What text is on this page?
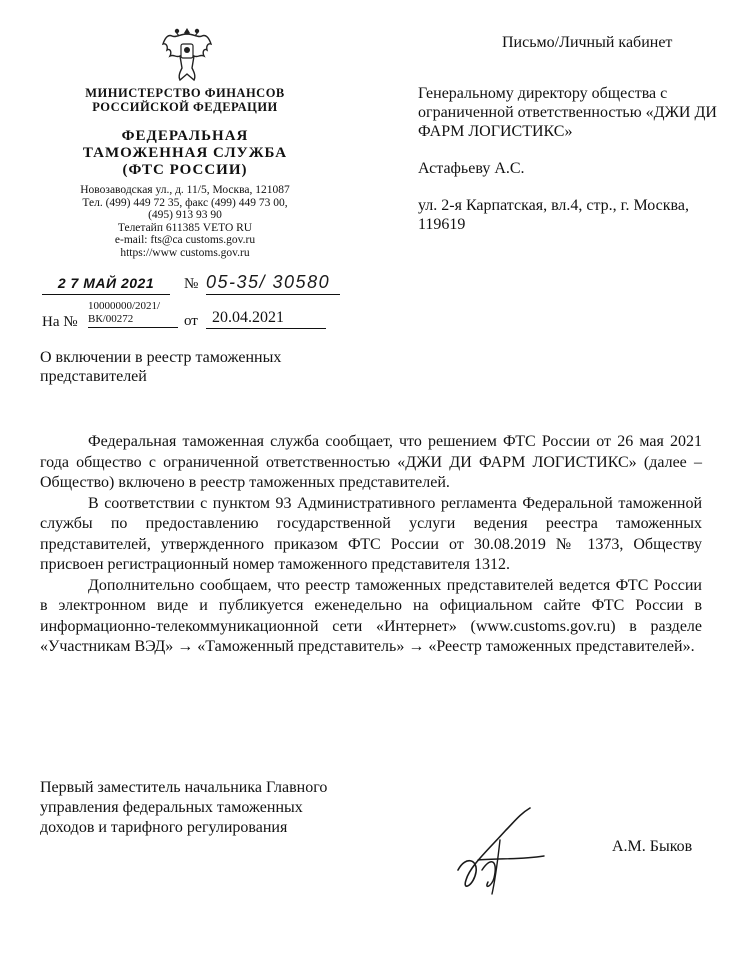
Письмо/Личный кабинет
МИНИСТЕРСТВО ФИНАНСОВ
РОССИЙСКОЙ ФЕДЕРАЦИИ
ФЕДЕРАЛЬНАЯ
ТАМОЖЕННАЯ СЛУЖБА
(ФТС РОССИИ)
Новозаводская ул., д. 11/5, Москва, 121087
Тел. (499) 449 72 35, факс (499) 449 73 00,
(495) 913 93 90
Телетайп 611385 VETO RU
e-mail: fts@ca customs.gov.ru
https://www customs.gov.ru
2 7 МАЙ 2021	№ 05-35/ 30580
На №
10000000/2021/ ВК/00272	от 20.04.2021
Генеральному директору общества с ограниченной ответственностью «ДЖИ ДИ ФАРМ ЛОГИСТИКС»
Астафьеву А.С.
ул. 2-я Карпатская, вл.4, стр., г. Москва, 119619
О включении в реестр таможенных представителей

Федеральная таможенная служба сообщает, что решением ФТС России от 26 мая 2021 года общество с ограниченной ответственностью «ДЖИ ДИ ФАРМ ЛОГИСТИКС» (далее – Общество) включено в реестр таможенных представителей.

В соответствии с пунктом 93 Административного регламента Федеральной таможенной службы по предоставлению государственной услуги ведения реестра таможенных представителей, утвержденного приказом ФТС России от 30.08.2019 № 1373, Обществу присвоен регистрационный номер таможенного представителя 1312.

Дополнительно сообщаем, что реестр таможенных представителей ведется ФТС России в электронном виде и публикуется еженедельно на официальном сайте ФТС России в информационно-телекоммуникационной сети «Интернет» (www.customs.gov.ru) в разделе «Участникам ВЭД» → «Таможенный представитель» → «Реестр таможенных представителей».

Первый заместитель начальника Главного управления федеральных таможенных доходов и тарифного регулирования
А.М. Быков
